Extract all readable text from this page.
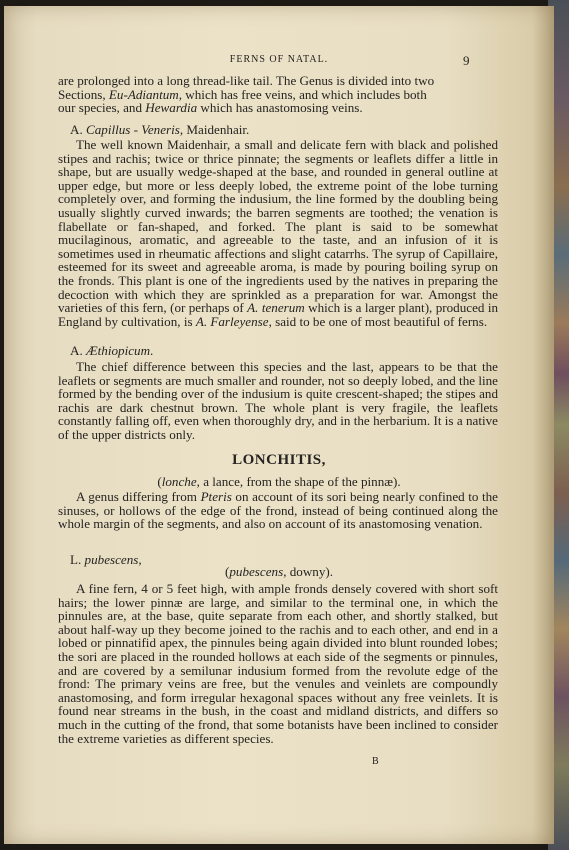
FERNS OF NATAL.	9

are prolonged into a long thread-like tail. The Genus is divided into two

Sections, Eu-Adiantum, which has free veins, and which includes both

our species, and Hewardia which has anastomosing veins.

A. Capillus - Veneris, Maidenhair.

The well known Maidenhair, a small and delicate fern with black and polished stipes and rachis; twice or thrice pinnate; the segments or leaflets differ a little in shape, but are usually wedge-shaped at the base, and rounded in general outline at upper edge, but more or less deeply lobed, the extreme point of the lobe turning completely over, and forming the indusium, the line formed by the doubling being usually slightly curved inwards; the barren segments are toothed; the venation is flabellate or fan-shaped, and forked. The plant is said to be somewhat mucilaginous, aromatic, and agreeable to the taste, and an infusion of it is sometimes used in rheumatic affections and slight catarrhs. The syrup of Capillaire, esteemed for its sweet and agreeable aroma, is made by pouring boiling syrup on the fronds. This plant is one of the ingredients used by the natives in preparing the decoction with which they are sprinkled as a preparation for war. Amongst the varieties of this fern, (or perhaps of A. tenerum which is a larger plant), produced in England by cultivation, is A. Farleyense, said to be one of most beautiful of ferns.

A. Æthiopicum.

The chief difference between this species and the last, appears to be that the leaflets or segments are much smaller and rounder, not so deeply lobed, and the line formed by the bending over of the indusium is quite crescent-shaped; the stipes and rachis are dark chestnut brown. The whole plant is very fragile, the leaflets constantly falling off, even when thoroughly dry, and in the herbarium. It is a native of the upper districts only.

LONCHITIS,
(lonche, a lance, from the shape of the pinnæ).

A genus differing from Pteris on account of its sori being nearly confined to the sinuses, or hollows of the edge of the frond, instead of being continued along the whole margin of the segments, and also on account of its anastomosing venation.

L. pubescens,
(pubescens, downy).

A fine fern, 4 or 5 feet high, with ample fronds densely covered with short soft hairs; the lower pinnæ are large, and similar to the terminal one, in which the pinnules are, at the base, quite separate from each other, and shortly stalked, but about half-way up they become joined to the rachis and to each other, and end in a lobed or pinnatifid apex, the pinnules being again divided into blunt rounded lobes; the sori are placed in the rounded hollows at each side of the segments or pinnules, and are covered by a semilunar indusium formed from the revolute edge of the frond: The primary veins are free, but the venules and veinlets are compoundly anastomosing, and form irregular hexagonal spaces without any free veinlets. It is found near streams in the bush, in the coast and midland districts, and differs so much in the cutting of the frond, that some botanists have been inclined to consider the extreme varieties as different species.

B
